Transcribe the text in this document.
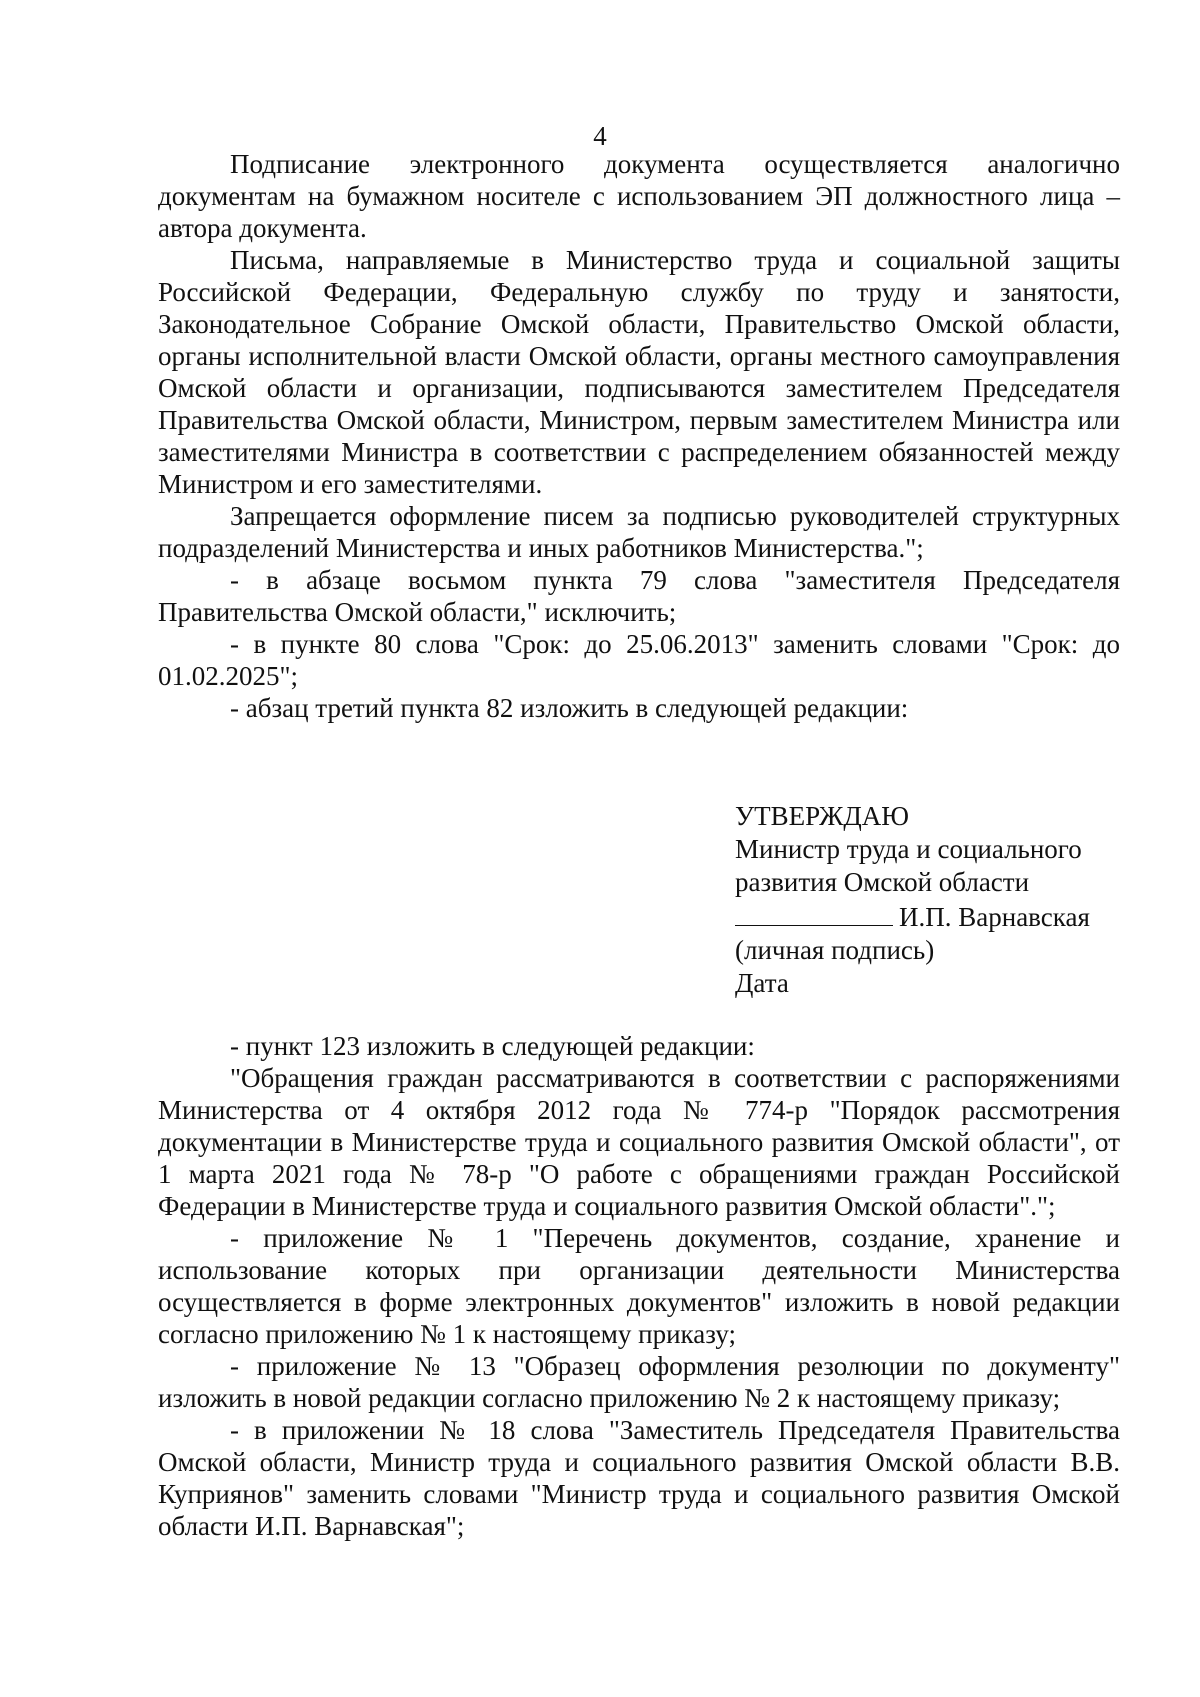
4

Подписание электронного документа осуществляется аналогично документам на бумажном носителе с использованием ЭП должностного лица – автора документа.

Письма, направляемые в Министерство труда и социальной защиты Российской Федерации, Федеральную службу по труду и занятости, Законодательное Собрание Омской области, Правительство Омской области, органы исполнительной власти Омской области, органы местного самоуправления Омской области и организации, подписываются заместителем Председателя Правительства Омской области, Министром, первым заместителем Министра или заместителями Министра в соответствии с распределением обязанностей между Министром и его заместителями.

Запрещается оформление писем за подписью руководителей структурных подразделений Министерства и иных работников Министерства.";

- в абзаце восьмом пункта 79 слова "заместителя Председателя Правительства Омской области," исключить;

- в пункте 80 слова "Срок: до 25.06.2013" заменить словами "Срок: до 01.02.2025";

- абзац третий пункта 82 изложить в следующей редакции:

УТВЕРЖДАЮ
Министр труда и социального
развития Омской области
И.П. Варнавская
(личная подпись)
Дата

- пункт 123 изложить в следующей редакции:

"Обращения граждан рассматриваются в соответствии с распоряжениями Министерства от 4 октября 2012 года № 774-р "Порядок рассмотрения документации в Министерстве труда и социального развития Омской области", от 1 марта 2021 года № 78-р "О работе с обращениями граждан Российской Федерации в Министерстве труда и социального развития Омской области".";

- приложение № 1 "Перечень документов, создание, хранение и использование которых при организации деятельности Министерства осуществляется в форме электронных документов" изложить в новой редакции согласно приложению № 1 к настоящему приказу;

- приложение № 13 "Образец оформления резолюции по документу" изложить в новой редакции согласно приложению № 2 к настоящему приказу;

- в приложении № 18 слова "Заместитель Председателя Правительства Омской области, Министр труда и социального развития Омской области В.В. Куприянов" заменить словами "Министр труда и социального развития Омской области И.П. Варнавская";
